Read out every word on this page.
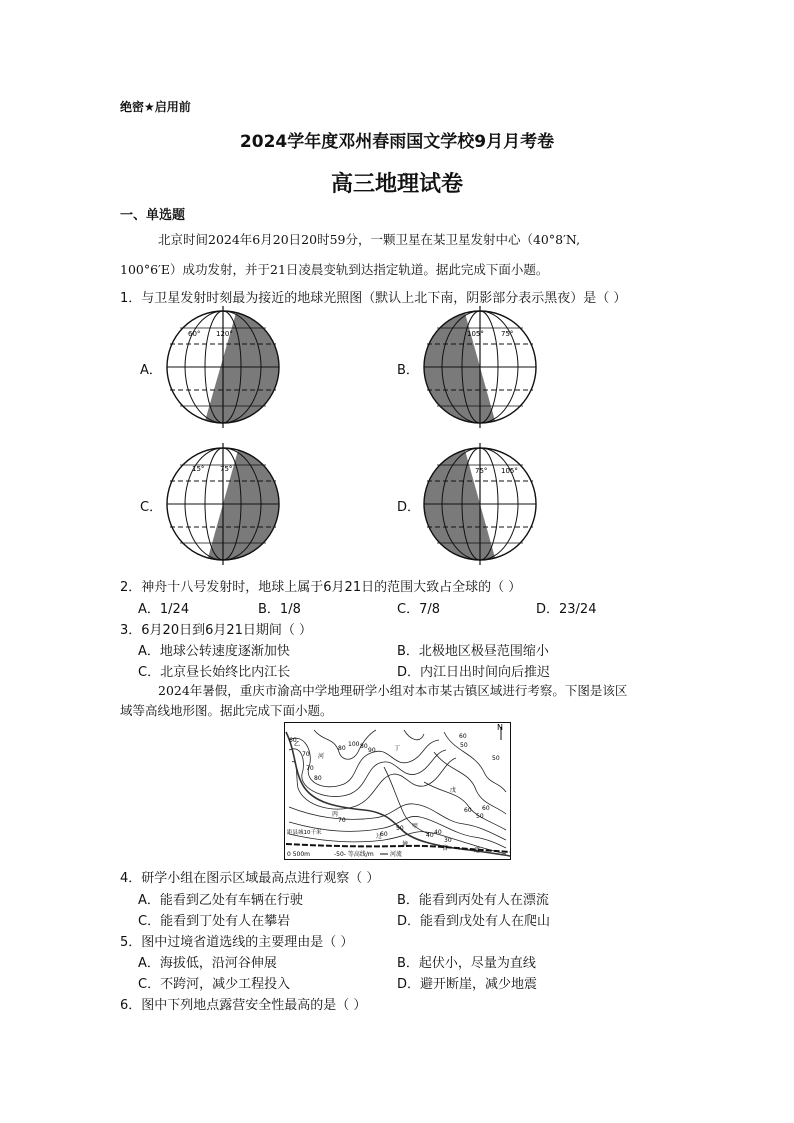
绝密★启用前
2024学年度邓州春雨国文学校9月月考卷
高三地理试卷
一、单选题
北京时间2024年6月20日20时59分，一颗卫星在某卫星发射中心（40°8′N,
100°6′E）成功发射，并于21日凌晨变轨到达指定轨道。据此完成下面小题。
1．与卫星发射时刻最为接近的地球光照图（默认上北下南，阴影部分表示黑夜）是（ ）
A．
60° 120°
B．
105° 75°
C．
15° 75°
D．
75° 105°
2．神舟十八号发射时，地球上属于6月21日的范围大致占全球的（ ）
A．1/24	B．1/8	C．7/8	D．23/24
3．6月20日到6月21日期间（ ）
A．地球公转速度逐渐加快	B．北极地区极昼范围缩小
C．北京昼长始终比内江长	D．内江日出时间向后推迟
2024年暑假，重庆市渝高中学地理研学小组对本市某古镇区域进行考察。下图是该区
域等高线地形图。据此完成下面小题。
N
60
70
70
80 80
90
100
60
50
50
60
50
40
80
70
60
60
50
40
30
河
丁
乙
丙
戊
甲
过
境
省	道
距县城10千米
0 500m	-50- 等高线/m	河流
4．研学小组在图示区域最高点进行观察（ ）
A．能看到乙处有车辆在行驶	B．能看到丙处有人在漂流
C．能看到丁处有人在攀岩	D．能看到戊处有人在爬山
5．图中过境省道选线的主要理由是（ ）
A．海拔低，沿河谷伸展	B．起伏小，尽量为直线
C．不跨河，减少工程投入	D．避开断崖，减少地震
6．图中下列地点露营安全性最高的是（ ）
